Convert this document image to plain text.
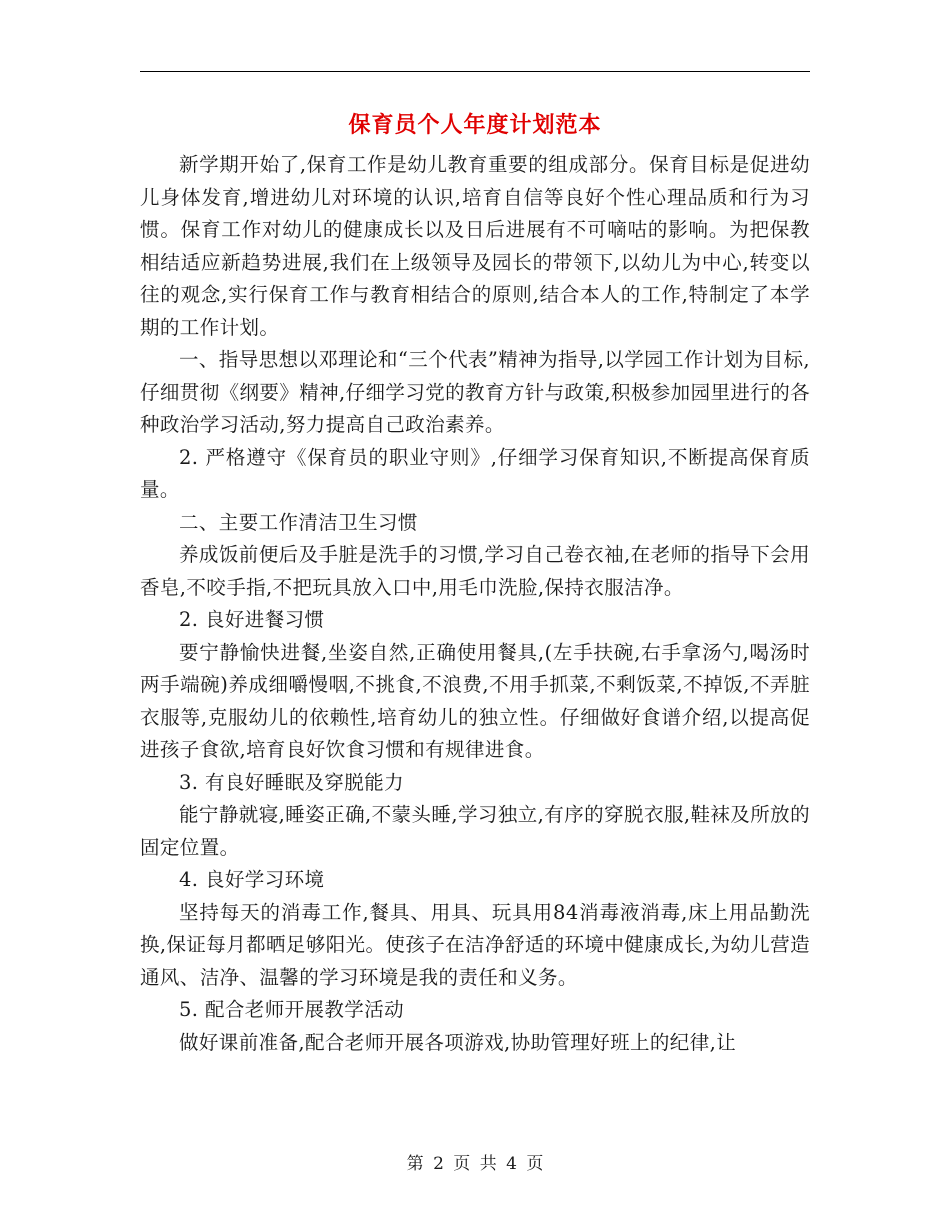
保育员个人年度计划范本

新学期开始了,保育工作是幼儿教育重要的组成部分。保育目标是促进幼儿身体发育,增进幼儿对环境的认识,培育自信等良好个性心理品质和行为习惯。保育工作对幼儿的健康成长以及日后进展有不可嘀咕的影响。为把保教相结适应新趋势进展,我们在上级领导及园长的带领下,以幼儿为中心,转变以往的观念,实行保育工作与教育相结合的原则,结合本人的工作,特制定了本学期的工作计划。

一、指导思想以邓理论和“三个代表”精神为指导,以学园工作计划为目标,仔细贯彻《纲要》精神,仔细学习党的教育方针与政策,积极参加园里进行的各种政治学习活动,努力提高自己政治素养。

2. 严格遵守《保育员的职业守则》,仔细学习保育知识,不断提高保育质量。

二、主要工作清洁卫生习惯

养成饭前便后及手脏是洗手的习惯,学习自己卷衣袖,在老师的指导下会用香皂,不咬手指,不把玩具放入口中,用毛巾洗脸,保持衣服洁净。

2. 良好进餐习惯

要宁静愉快进餐,坐姿自然,正确使用餐具,(左手扶碗,右手拿汤勺,喝汤时两手端碗)养成细嚼慢咽,不挑食,不浪费,不用手抓菜,不剩饭菜,不掉饭,不弄脏衣服等,克服幼儿的依赖性,培育幼儿的独立性。仔细做好食谱介绍,以提高促进孩子食欲,培育良好饮食习惯和有规律进食。

3. 有良好睡眠及穿脱能力

能宁静就寝,睡姿正确,不蒙头睡,学习独立,有序的穿脱衣服,鞋袜及所放的固定位置。

4. 良好学习环境

坚持每天的消毒工作,餐具、用具、玩具用84消毒液消毒,床上用品勤洗换,保证每月都晒足够阳光。使孩子在洁净舒适的环境中健康成长,为幼儿营造通风、洁净、温馨的学习环境是我的责任和义务。

5. 配合老师开展教学活动

做好课前准备,配合老师开展各项游戏,协助管理好班上的纪律,让

第 2 页 共 4 页
